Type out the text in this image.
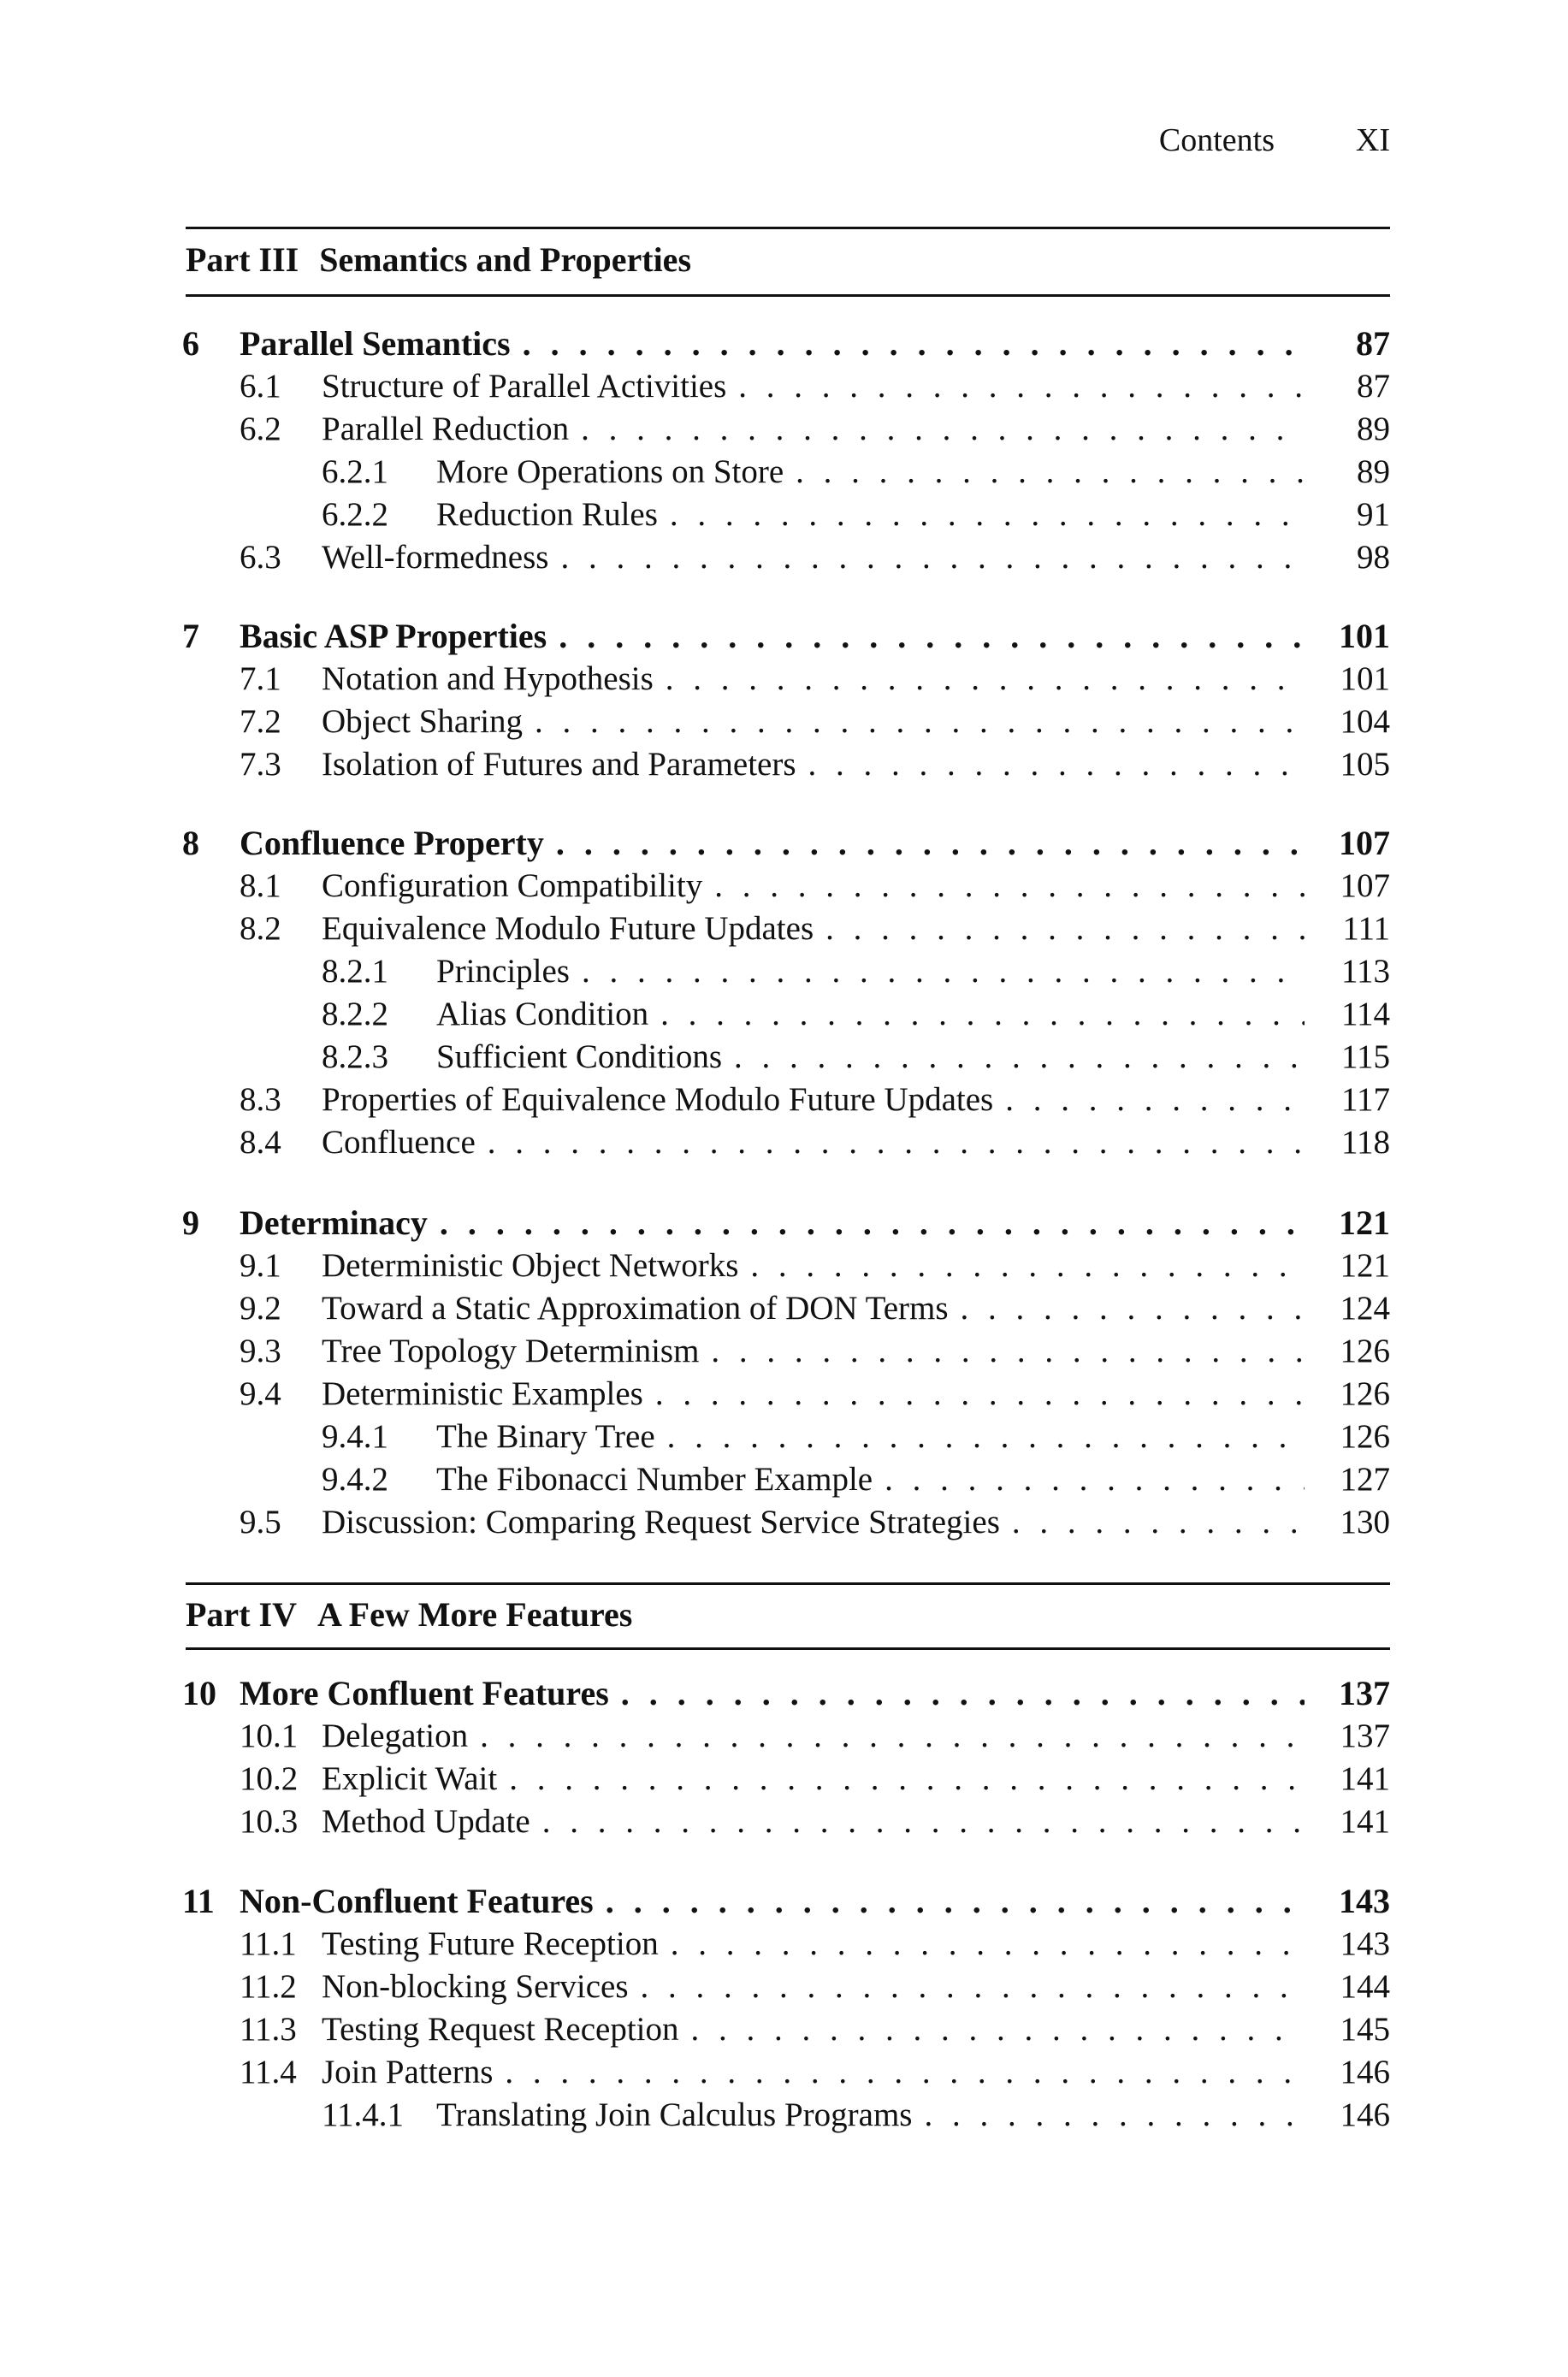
Contents	XI
Part III Semantics and Properties
6 Parallel Semantics . . .	87
6.1 Structure of Parallel Activities . . .	87
6.2 Parallel Reduction . . .	89
6.2.1 More Operations on Store . . .	89
6.2.2 Reduction Rules . . .	91
6.3 Well-formedness . . .	98
7 Basic ASP Properties . . .	101
7.1 Notation and Hypothesis . . .	101
7.2 Object Sharing . . .	104
7.3 Isolation of Futures and Parameters . . .	105
8 Confluence Property . . .	107
8.1 Configuration Compatibility . . .	107
8.2 Equivalence Modulo Future Updates . . .	111
8.2.1 Principles . . .	113
8.2.2 Alias Condition . . .	114
8.2.3 Sufficient Conditions . . .	115
8.3 Properties of Equivalence Modulo Future Updates . . .	117
8.4 Confluence . . .	118
9 Determinacy . . .	121
9.1 Deterministic Object Networks . . .	121
9.2 Toward a Static Approximation of DON Terms . . .	124
9.3 Tree Topology Determinism . . .	126
9.4 Deterministic Examples . . .	126
9.4.1 The Binary Tree . . .	126
9.4.2 The Fibonacci Number Example . . .	127
9.5 Discussion: Comparing Request Service Strategies . . .	130
Part IV A Few More Features
10 More Confluent Features . . .	137
10.1 Delegation . . .	137
10.2 Explicit Wait . . .	141
10.3 Method Update . . .	141
11 Non-Confluent Features . . .	143
11.1 Testing Future Reception . . .	143
11.2 Non-blocking Services . . .	144
11.3 Testing Request Reception . . .	145
11.4 Join Patterns . . .	146
11.4.1 Translating Join Calculus Programs . . .	146
